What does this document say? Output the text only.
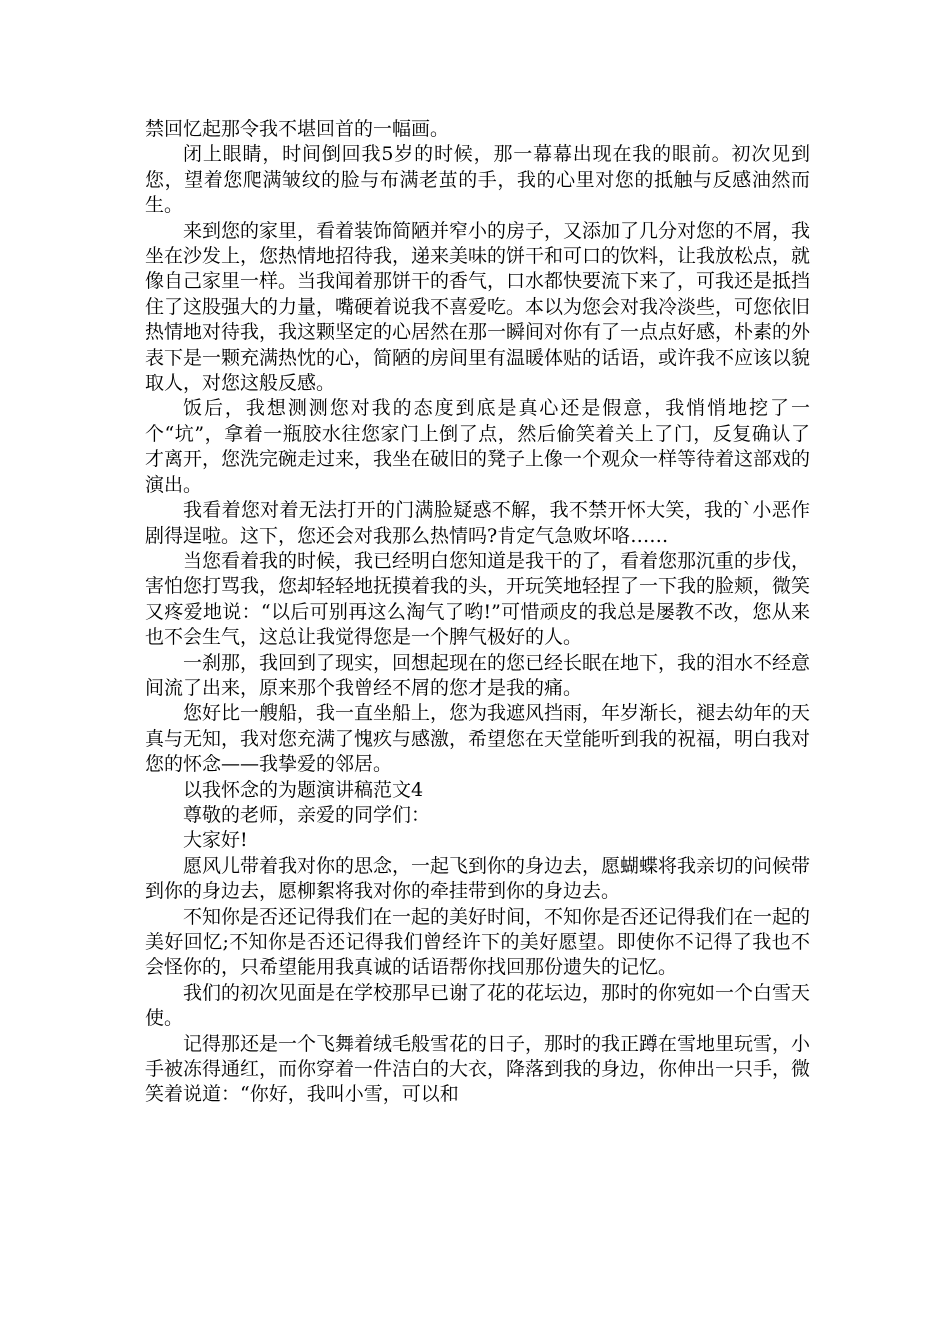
禁回忆起那令我不堪回首的一幅画。

闭上眼睛，时间倒回我5岁的时候，那一幕幕出现在我的眼前。初次见到您，望着您爬满皱纹的脸与布满老茧的手，我的心里对您的抵触与反感油然而生。

来到您的家里，看着装饰简陋并窄小的房子，又添加了几分对您的不屑，我坐在沙发上，您热情地招待我，递来美味的饼干和可口的饮料，让我放松点，就像自己家里一样。当我闻着那饼干的香气，口水都快要流下来了，可我还是抵挡住了这股强大的力量，嘴硬着说我不喜爱吃。本以为您会对我冷淡些，可您依旧热情地对待我，我这颗坚定的心居然在那一瞬间对你有了一点点好感，朴素的外表下是一颗充满热忱的心，简陋的房间里有温暖体贴的话语，或许我不应该以貌取人，对您这般反感。

饭后，我想测测您对我的态度到底是真心还是假意，我悄悄地挖了一个“坑”，拿着一瓶胶水往您家门上倒了点，然后偷笑着关上了门，反复确认了才离开，您洗完碗走过来，我坐在破旧的凳子上像一个观众一样等待着这部戏的演出。

我看着您对着无法打开的门满脸疑惑不解，我不禁开怀大笑，我的`小恶作剧得逞啦。这下，您还会对我那么热情吗?肯定气急败坏咯……

当您看着我的时候，我已经明白您知道是我干的了，看着您那沉重的步伐，害怕您打骂我，您却轻轻地抚摸着我的头，开玩笑地轻捏了一下我的脸颊，微笑又疼爱地说：“以后可别再这么淘气了哟!”可惜顽皮的我总是屡教不改，您从来也不会生气，这总让我觉得您是一个脾气极好的人。

一刹那，我回到了现实，回想起现在的您已经长眠在地下，我的泪水不经意间流了出来，原来那个我曾经不屑的您才是我的痛。

您好比一艘船，我一直坐船上，您为我遮风挡雨，年岁渐长，褪去幼年的天真与无知，我对您充满了愧疚与感激，希望您在天堂能听到我的祝福，明白我对您的怀念——我挚爱的邻居。

以我怀念的为题演讲稿范文4

尊敬的老师，亲爱的同学们：

大家好!

愿风儿带着我对你的思念，一起飞到你的身边去，愿蝴蝶将我亲切的问候带到你的身边去，愿柳絮将我对你的牵挂带到你的身边去。

不知你是否还记得我们在一起的美好时间，不知你是否还记得我们在一起的美好回忆;不知你是否还记得我们曾经许下的美好愿望。即使你不记得了我也不会怪你的，只希望能用我真诚的话语帮你找回那份遗失的记忆。

我们的初次见面是在学校那早已谢了花的花坛边，那时的你宛如一个白雪天使。

记得那还是一个飞舞着绒毛般雪花的日子，那时的我正蹲在雪地里玩雪，小手被冻得通红，而你穿着一件洁白的大衣，降落到我的身边，你伸出一只手，微笑着说道：“你好，我叫小雪，可以和
